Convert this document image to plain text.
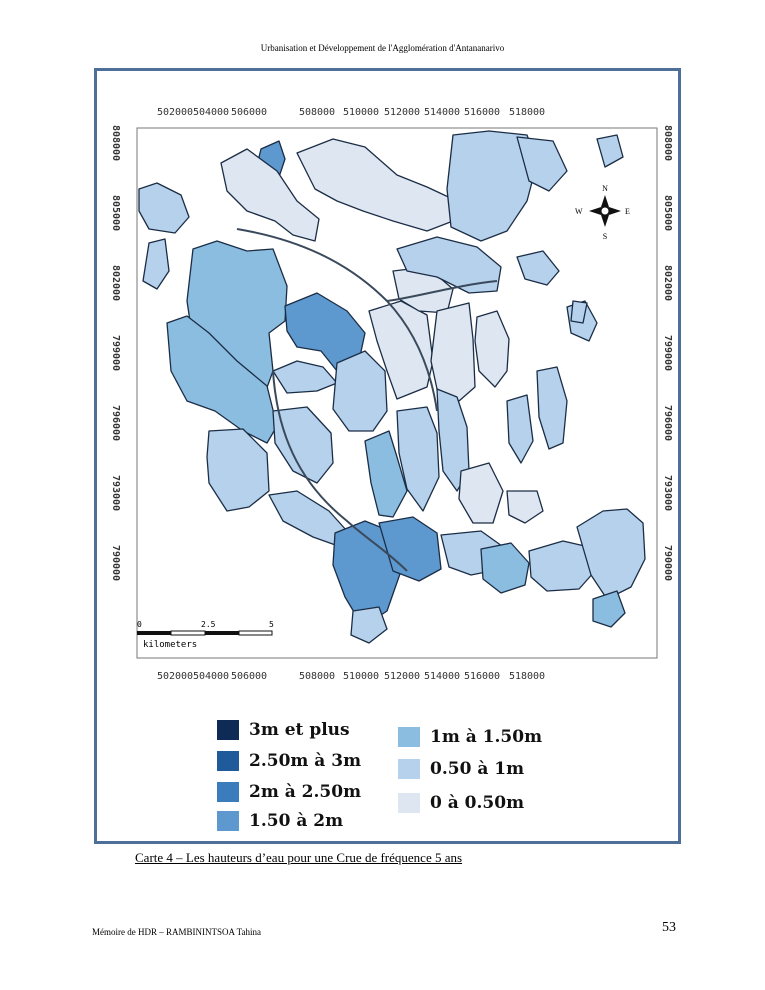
Urbanisation et Développement de l'Agglomération d'Antananarivo
502000 504000 506000	508000 510000 512000 514000 516000 518000
502000 504000 506000	508000 510000 512000 514000 516000 518000
808000
805000
802000
799000
796000
793000
790000
808000
805000
802000
799000
796000
793000
790000
N
S
E
W
0	2.5	5
kilometers
3m et plus
2.50m à 3m
2m à 2.50m
1.50 à 2m
1m à 1.50m
0.50 à 1m
0 à 0.50m
Carte 4 – Les hauteurs d’eau pour une Crue de fréquence 5 ans
Mémoire de HDR – RAMBININTSOA Tahina	53
